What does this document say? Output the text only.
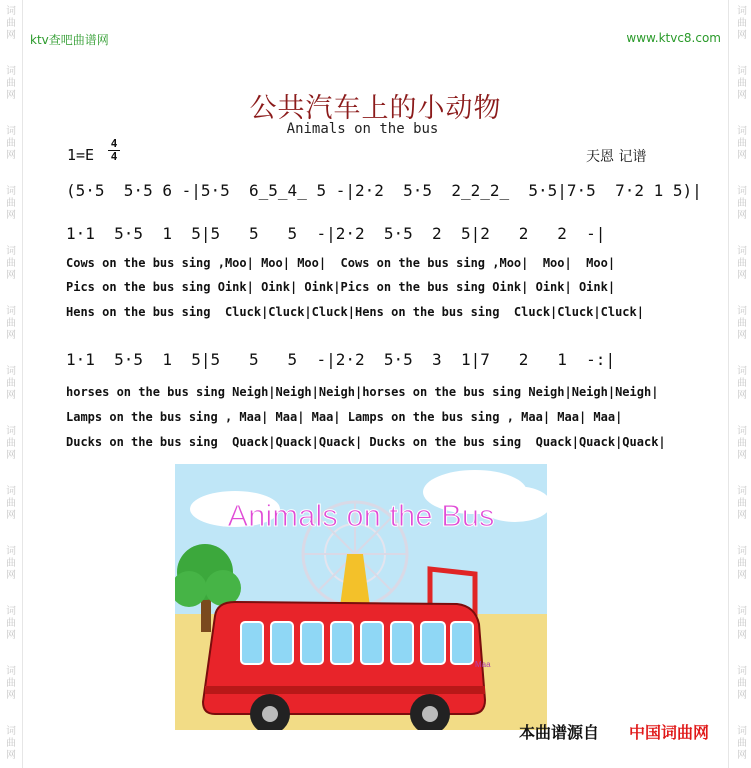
词
曲
网
词
曲
网
词
曲
网
词
曲
网
词
曲
网
词
曲
网
词
曲
网
词
曲
网
词
曲
网
词
曲
网
词
曲
网
词
曲
网
词
曲
网
词
曲
网
词
曲
网
词
曲
网
词
曲
网
词
曲
网
词
曲
网
词
曲
网
词
曲
网
词
曲
网
词
曲
网
词
曲
网
词
曲
网
词
曲
网
ktv查吧曲谱网	www.ktvc8.com
公共汽车上的小动物
Animals on the bus
1=E
4
4	天恩 记谱
(5·5  5·5 6 -|5·5  6̲5̲4̲ 5 -|2·2  5·5  2̲2̲2̲  5·5|7·5  7·2 1 5)|
1·1  5·5  1  5|5   5   5  -|2·2  5·5  2  5|2   2   2  -|
Cows on the bus sing ,Moo| Moo| Moo|  Cows on the bus sing ,Moo|  Moo|  Moo|
Pics on the bus sing Oink| Oink| Oink|Pics on the bus sing Oink| Oink| Oink|
Hens on the bus sing  Cluck|Cluck|Cluck|Hens on the bus sing  Cluck|Cluck|Cluck|
1·1  5·5  1  5|5   5   5  -|2·2  5·5  3  1|7   2   1  -:|
horses on the bus sing Neigh|Neigh|Neigh|horses on the bus sing Neigh|Neigh|Neigh|
Lamps on the bus sing , Maa| Maa| Maa| Lamps on the bus sing , Maa| Maa| Maa|
Ducks on the bus sing  Quack|Quack|Quack| Ducks on the bus sing  Quack|Quack|Quack|
Animals on the Bus
Maa
本曲谱源自 中国词曲网
